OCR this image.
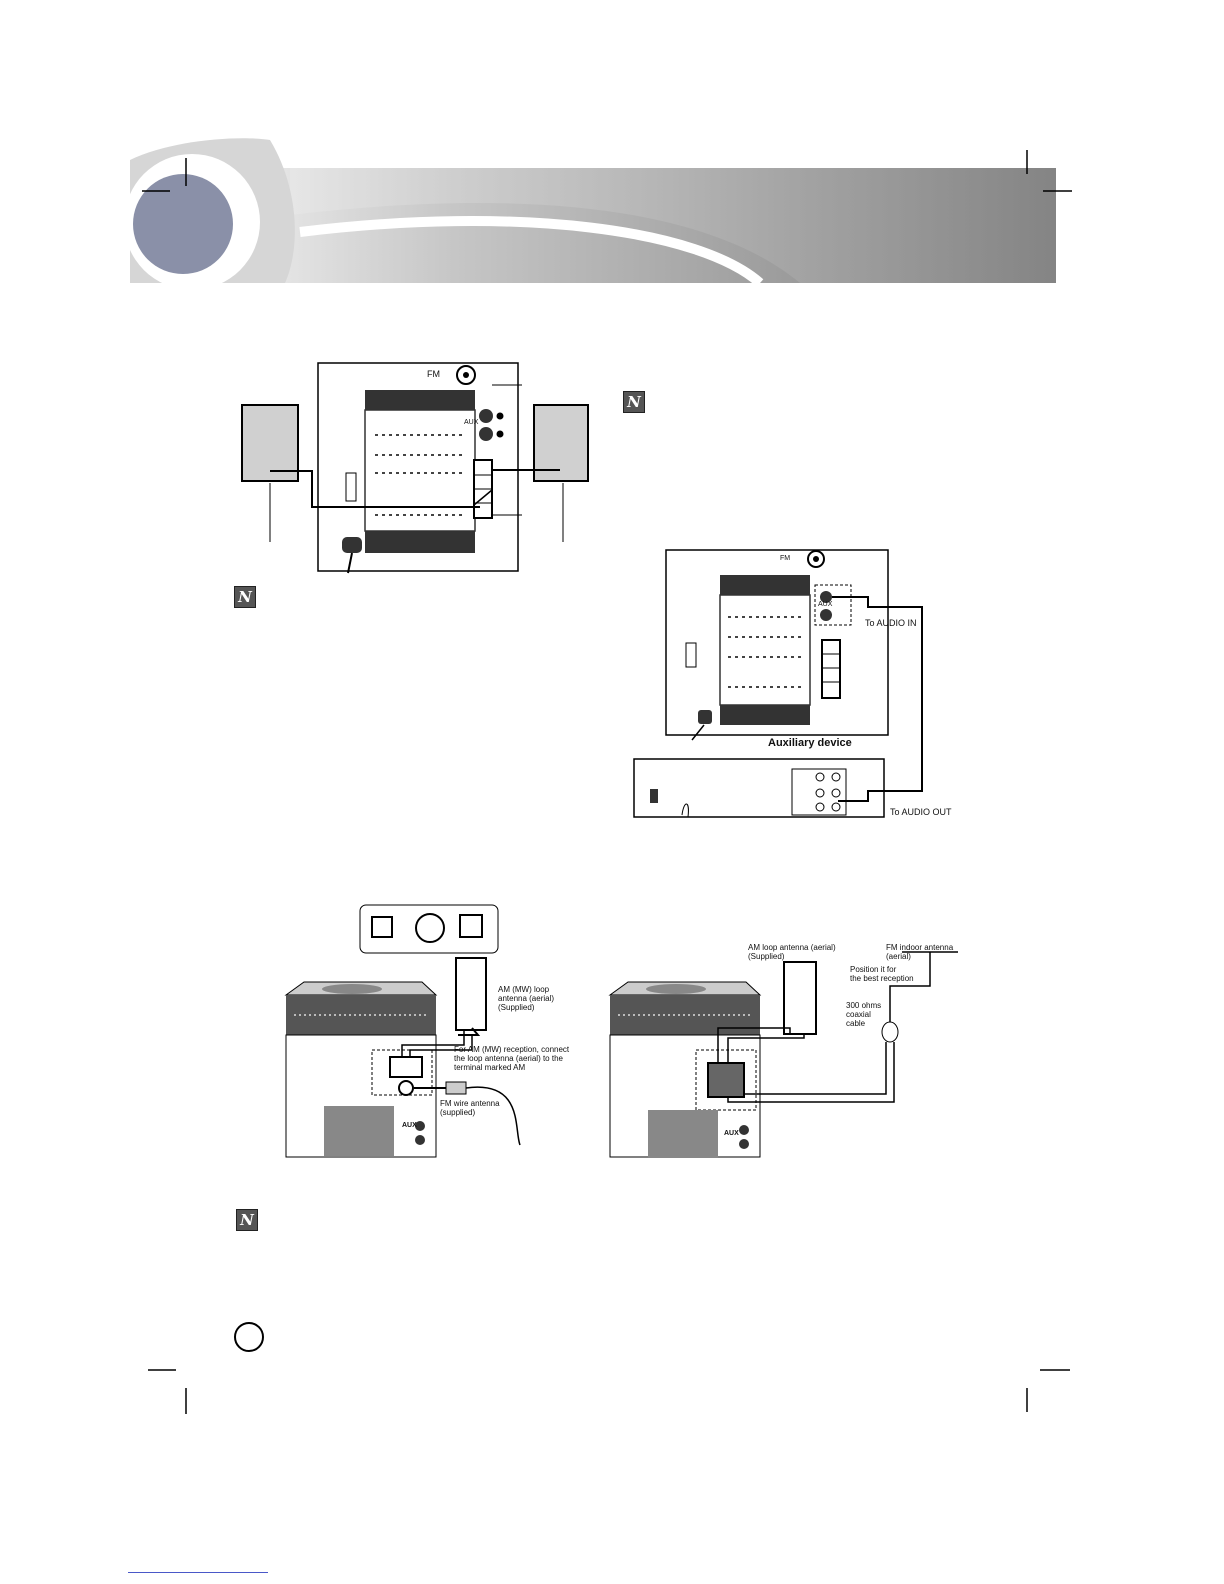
FM
AUX
N
N
N
FM
AUX
To AUDIO IN
Auxiliary device
To AUDIO OUT
AM (MW) loop
antenna (aerial)
(Supplied)
For AM (MW) reception, connect
the loop antenna (aerial) to the
terminal marked AM
FM wire antenna
(supplied)
AUX
AM loop antenna (aerial)
(Supplied)
FM indoor antenna (aerial)
Position it for
the best reception
300 ohms
coaxial
cable
AUX
